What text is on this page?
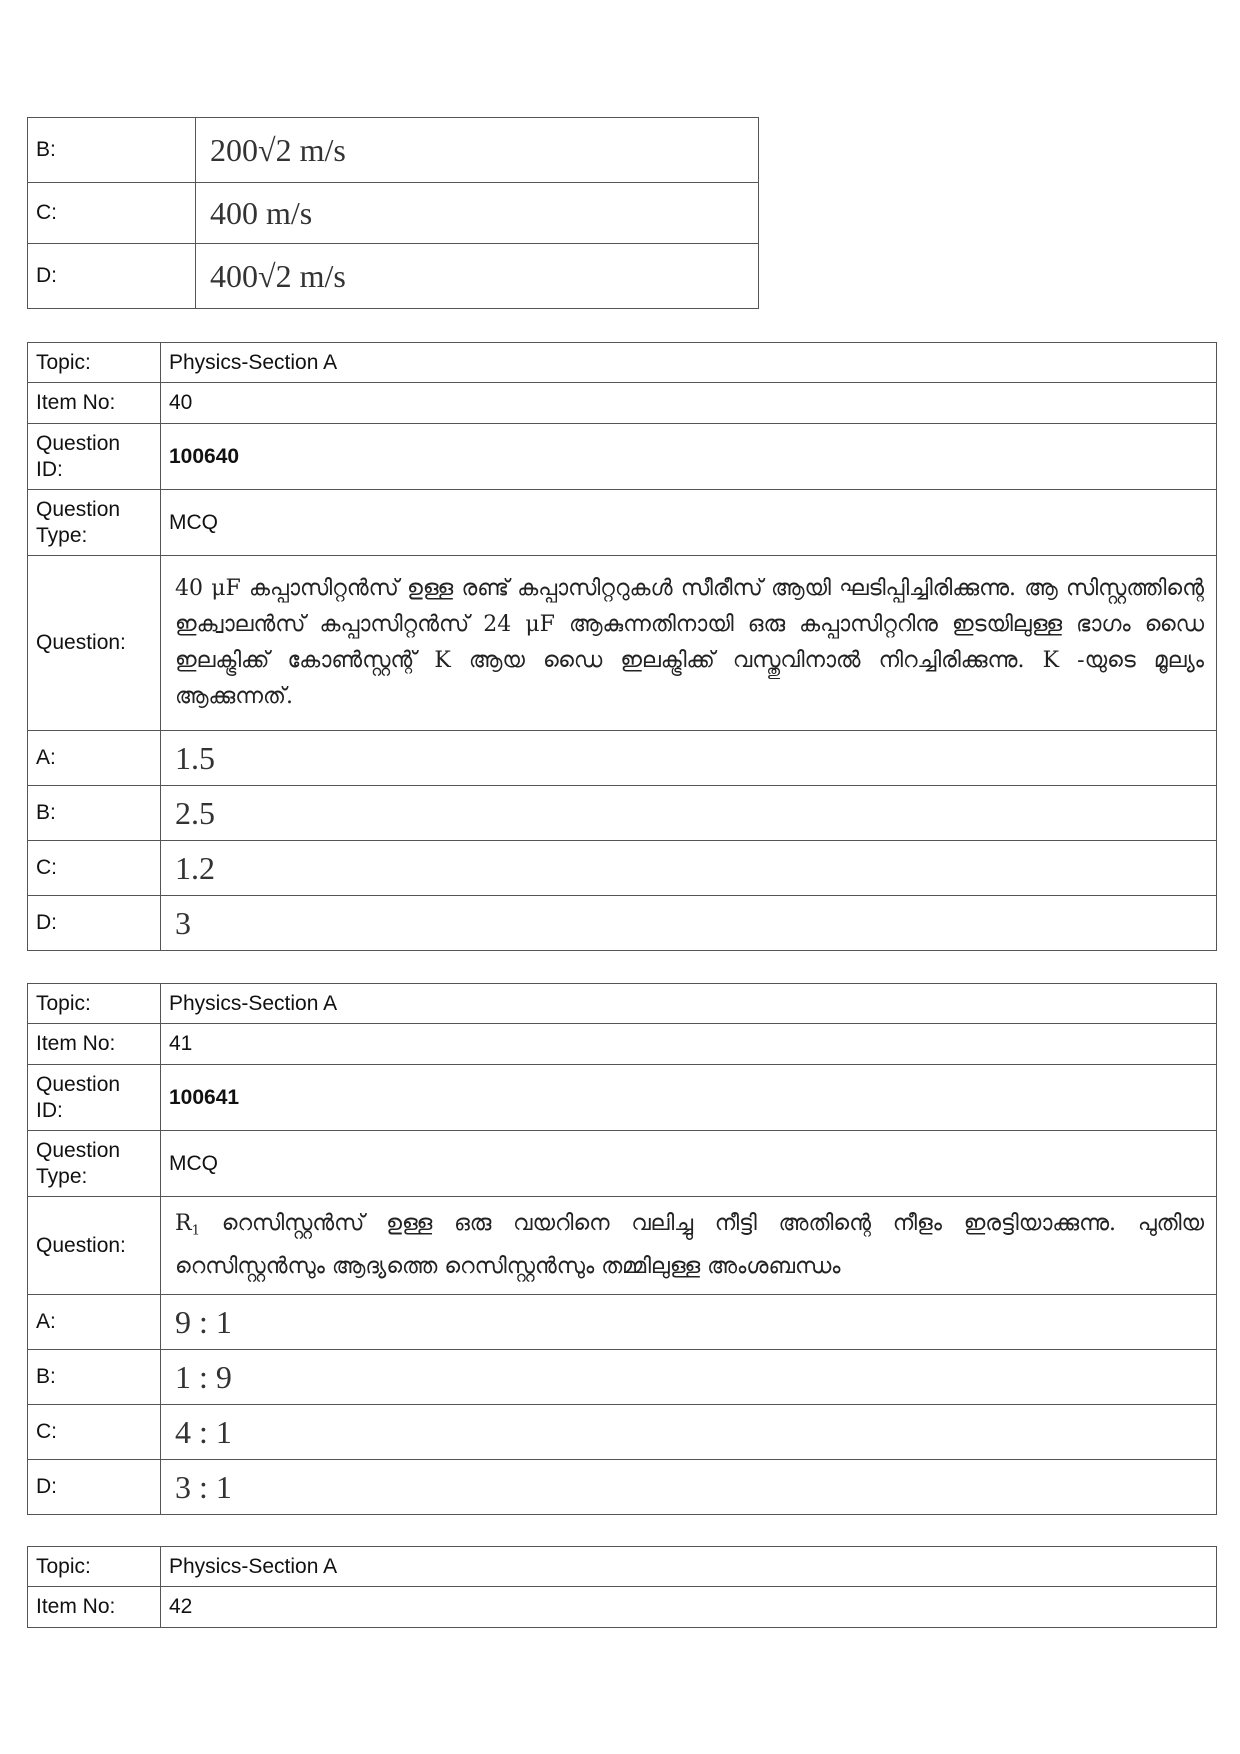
B:	200√2 m/s
C:	400 m/s
D:	400√2 m/s
Topic:	Physics-Section A
Item No:	40
Question ID:	100640
Question Type:	MCQ
Question:	40 μF കപ്പാസിറ്റൻസ് ഉള്ള രണ്ട് കപ്പാസിറ്ററുകൾ സീരീസ് ആയി ഘടിപ്പിച്ചിരിക്കുന്നു. ആ സിസ്റ്റത്തിന്റെ ഇക്വാലൻസ് കപ്പാസിറ്റൻസ് 24 μF ആകുന്നതിനായി ഒരു കപ്പാസിറ്ററിനു ഇടയിലുള്ള ഭാഗം ഡൈ ഇലക്ട്രിക്ക് കോൺസ്റ്റന്റ് K ആയ ഡൈ ഇലക്ട്രിക്ക് വസ്തുവിനാൽ നിറച്ചിരിക്കുന്നു. K -യുടെ മൂല്യം ആക്കുന്നത്.
A:	1.5
B:	2.5
C:	1.2
D:	3
Topic:	Physics-Section A
Item No:	41
Question ID:	100641
Question Type:	MCQ
Question:	$R_1$ റെസിസ്റ്റൻസ് ഉള്ള ഒരു വയറിനെ വലിച്ചു നീട്ടി അതിന്റെ നീളം ഇരട്ടിയാക്കുന്നു. പുതിയ റെസിസ്റ്റൻസും ആദ്യത്തെ റെസിസ്റ്റൻസും തമ്മിലുള്ള അംശബന്ധം
A:	9 : 1
B:	1 : 9
C:	4 : 1
D:	3 : 1
Topic:	Physics-Section A
Item No:	42
